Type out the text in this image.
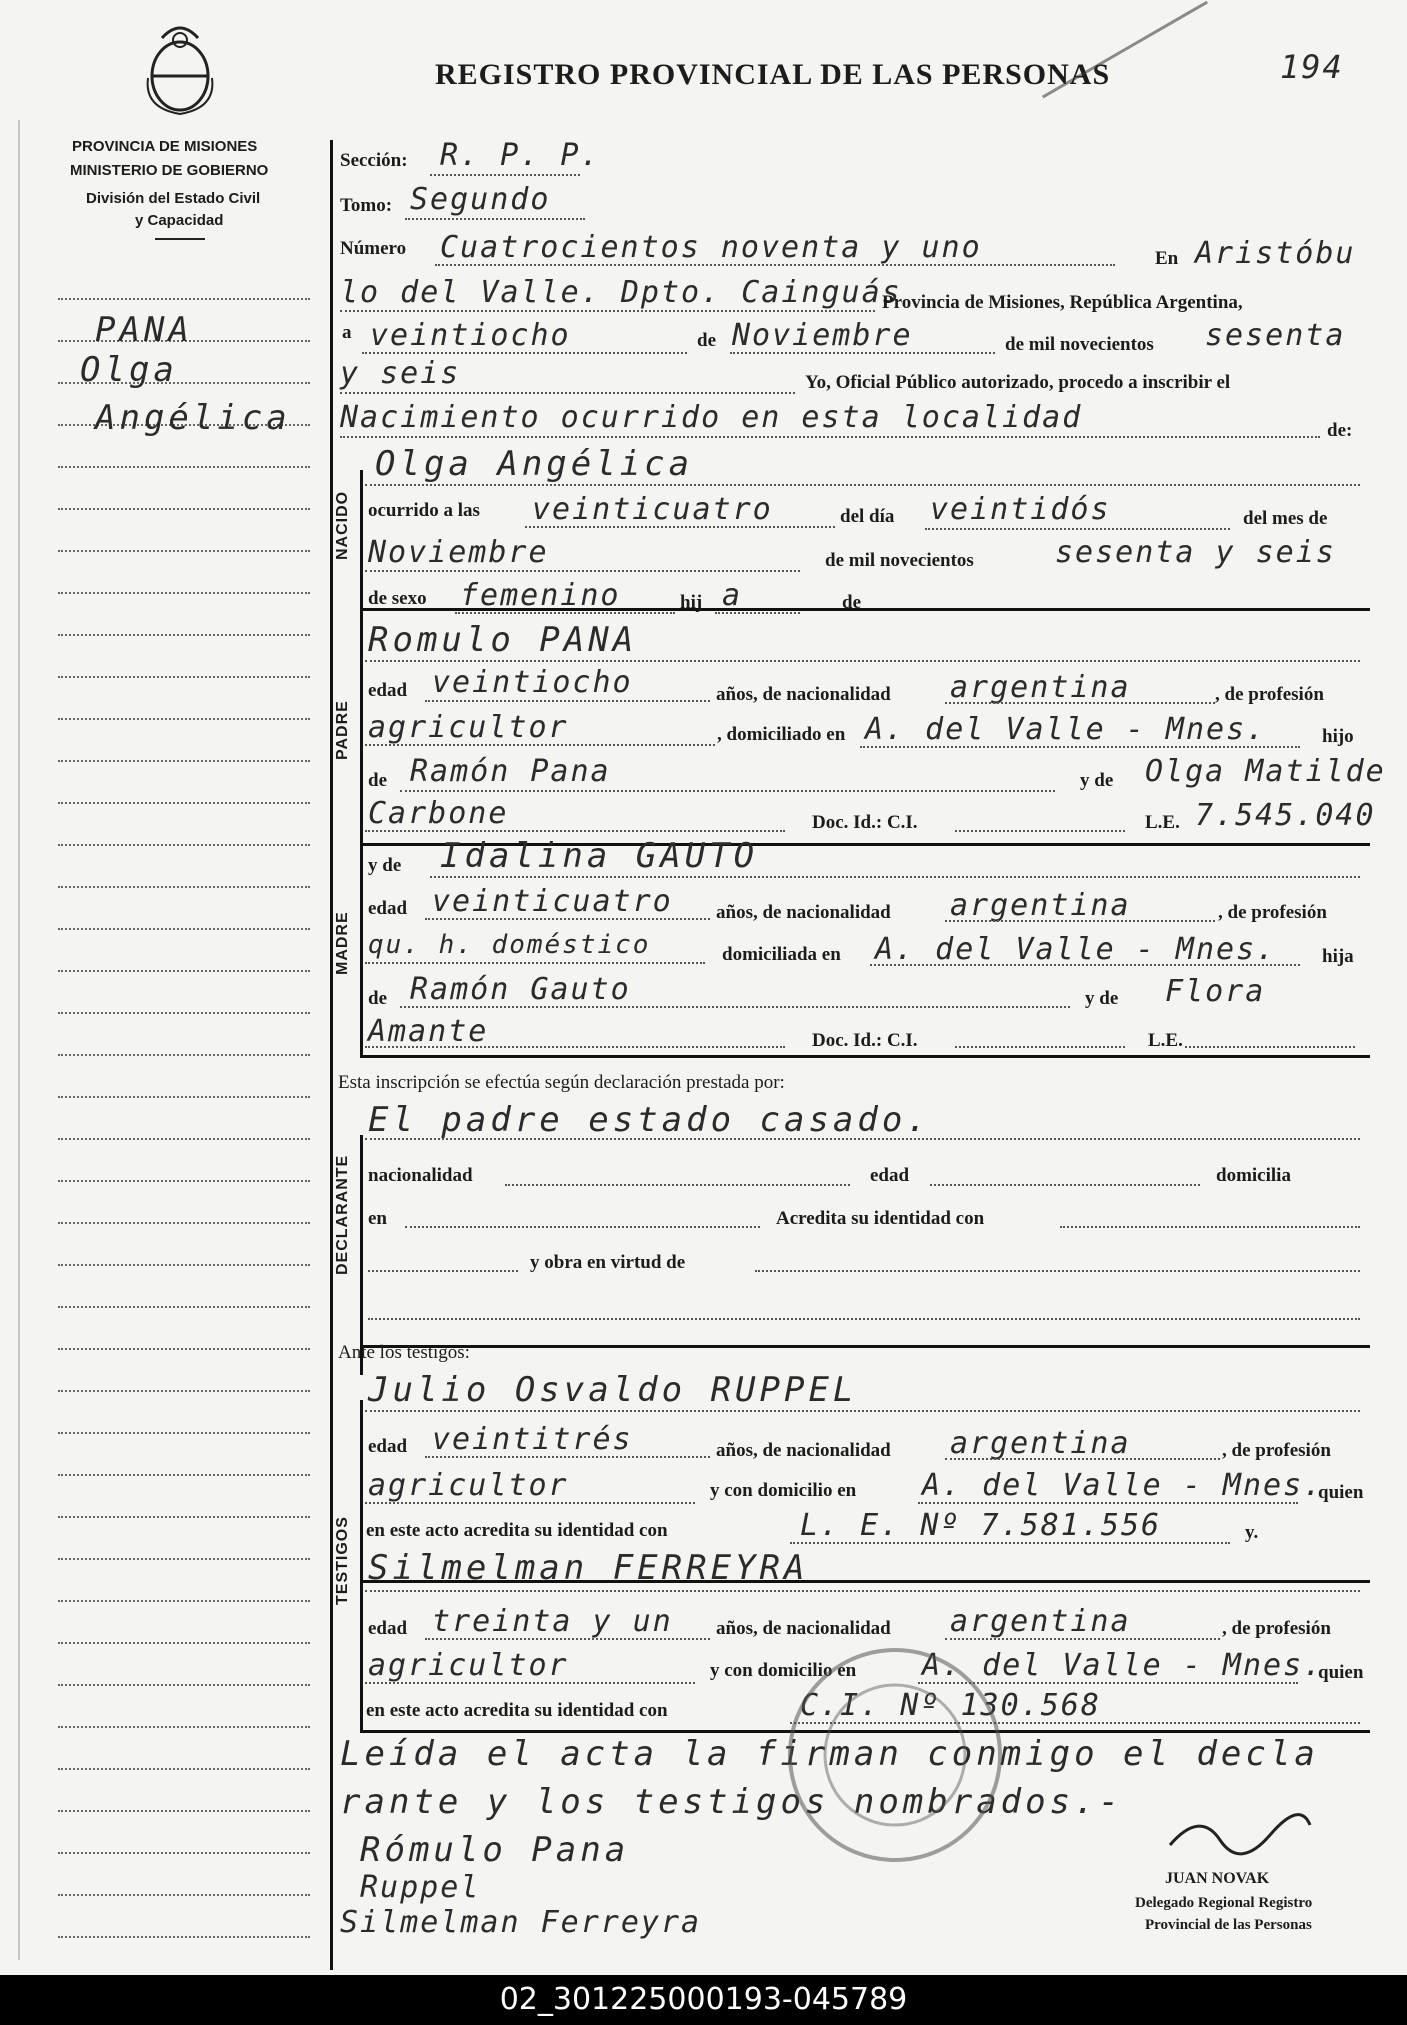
REGISTRO PROVINCIAL DE LAS PERSONAS	194
PROVINCIA DE MISIONES
MINISTERIO DE GOBIERNO
División del Estado Civil
y Capacidad
PANA
Olga
Angélica
NACIDO
PADRE
MADRE
DECLARANTE
TESTIGOS
Sección: R. P. P.
Tomo: Segundo
Número Cuatrocientos noventa y uno	En Aristóbu
lo del Valle. Dpto. Cainguás
Provincia de Misiones, República Argentina,
a veintiocho	de Noviembre	de mil novecientos sesenta
y seis	Yo, Oficial Público autorizado, procedo a inscribir el
Nacimiento ocurrido en esta localidad	de:
Olga Angélica
ocurrido a las veinticuatro	del día veintidós	del mes de
Noviembre	de mil novecientos	sesenta y seis
de sexo femenino	hij a	de
Romulo PANA
edad veintiocho	años, de nacionalidad argentina	, de profesión
agricultor	, domiciliado en A. del Valle - Mnes.	hijo
de Ramón Pana	y de Olga Matilde
Carbone	Doc. Id.: C.I.	L.E. 7.545.040
y de Idalina GAUTO
edad veinticuatro años, de nacionalidad argentina	, de profesión
qu. h. doméstico	domiciliada en A. del Valle - Mnes. hija
de Ramón Gauto	y de Flora
Amante	Doc. Id.: C.I.	L.E.
Esta inscripción se efectúa según declaración prestada por:
El padre estado casado.
nacionalidad	edad	domicilia
en	Acredita su identidad con
y obra en virtud de
Ante los testigos:
Julio Osvaldo RUPPEL
edad veintitrés	años, de nacionalidad argentina	, de profesión
agricultor	y con domicilio en A. del Valle - Mnes.
quien
en este acto acredita su identidad con	L. E. Nº 7.581.556	y.
Silmelman FERREYRA
edad treinta y un años, de nacionalidad argentina	, de profesión
agricultor	y con domicilio en A. del Valle - Mnes.
quien
en este acto acredita su identidad con	C.I. Nº 130.568
Leída el acta la firman conmigo el decla
rante y los testigos nombrados.-
Rómulo Pana
Ruppel
Silmelman Ferreyra
JUAN NOVAK
Delegado Regional Registro
Provincial de las Personas
02_301225000193-045789
